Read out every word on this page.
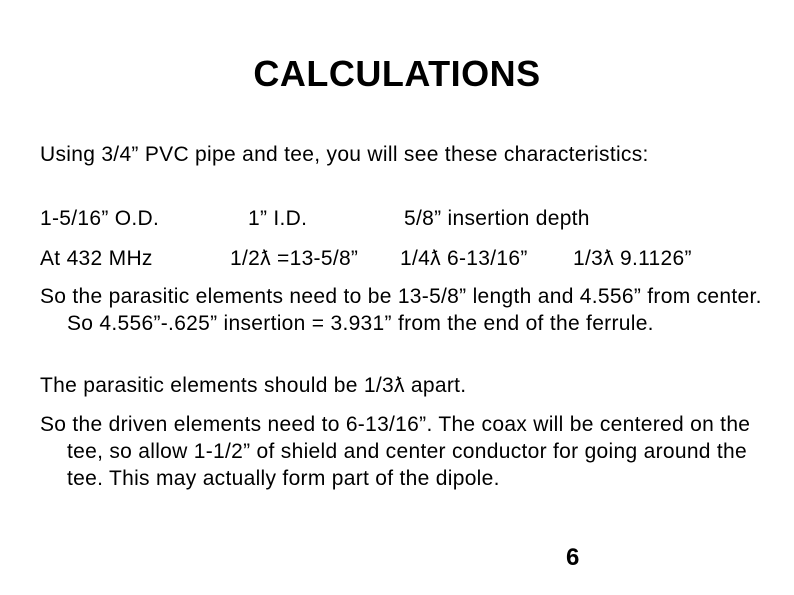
CALCULATIONS
Using 3/4” PVC pipe and tee, you will see these characteristics:
1-5/16” O.D.	1” I.D.	5/8” insertion depth
At 432 MHz	1/2ƛ =13-5/8” 1/4ƛ 6-13/16” 1/3ƛ 9.1126”
So the parasitic elements need to be 13-5/8” length and 4.556” from center. So 4.556”-.625” insertion = 3.931” from the end of the ferrule.
The parasitic elements should be 1/3ƛ apart.
So the driven elements need to 6-13/16”. The coax will be centered on the tee, so allow 1-1/2” of shield and center conductor for going around the tee. This may actually form part of the dipole.
6
